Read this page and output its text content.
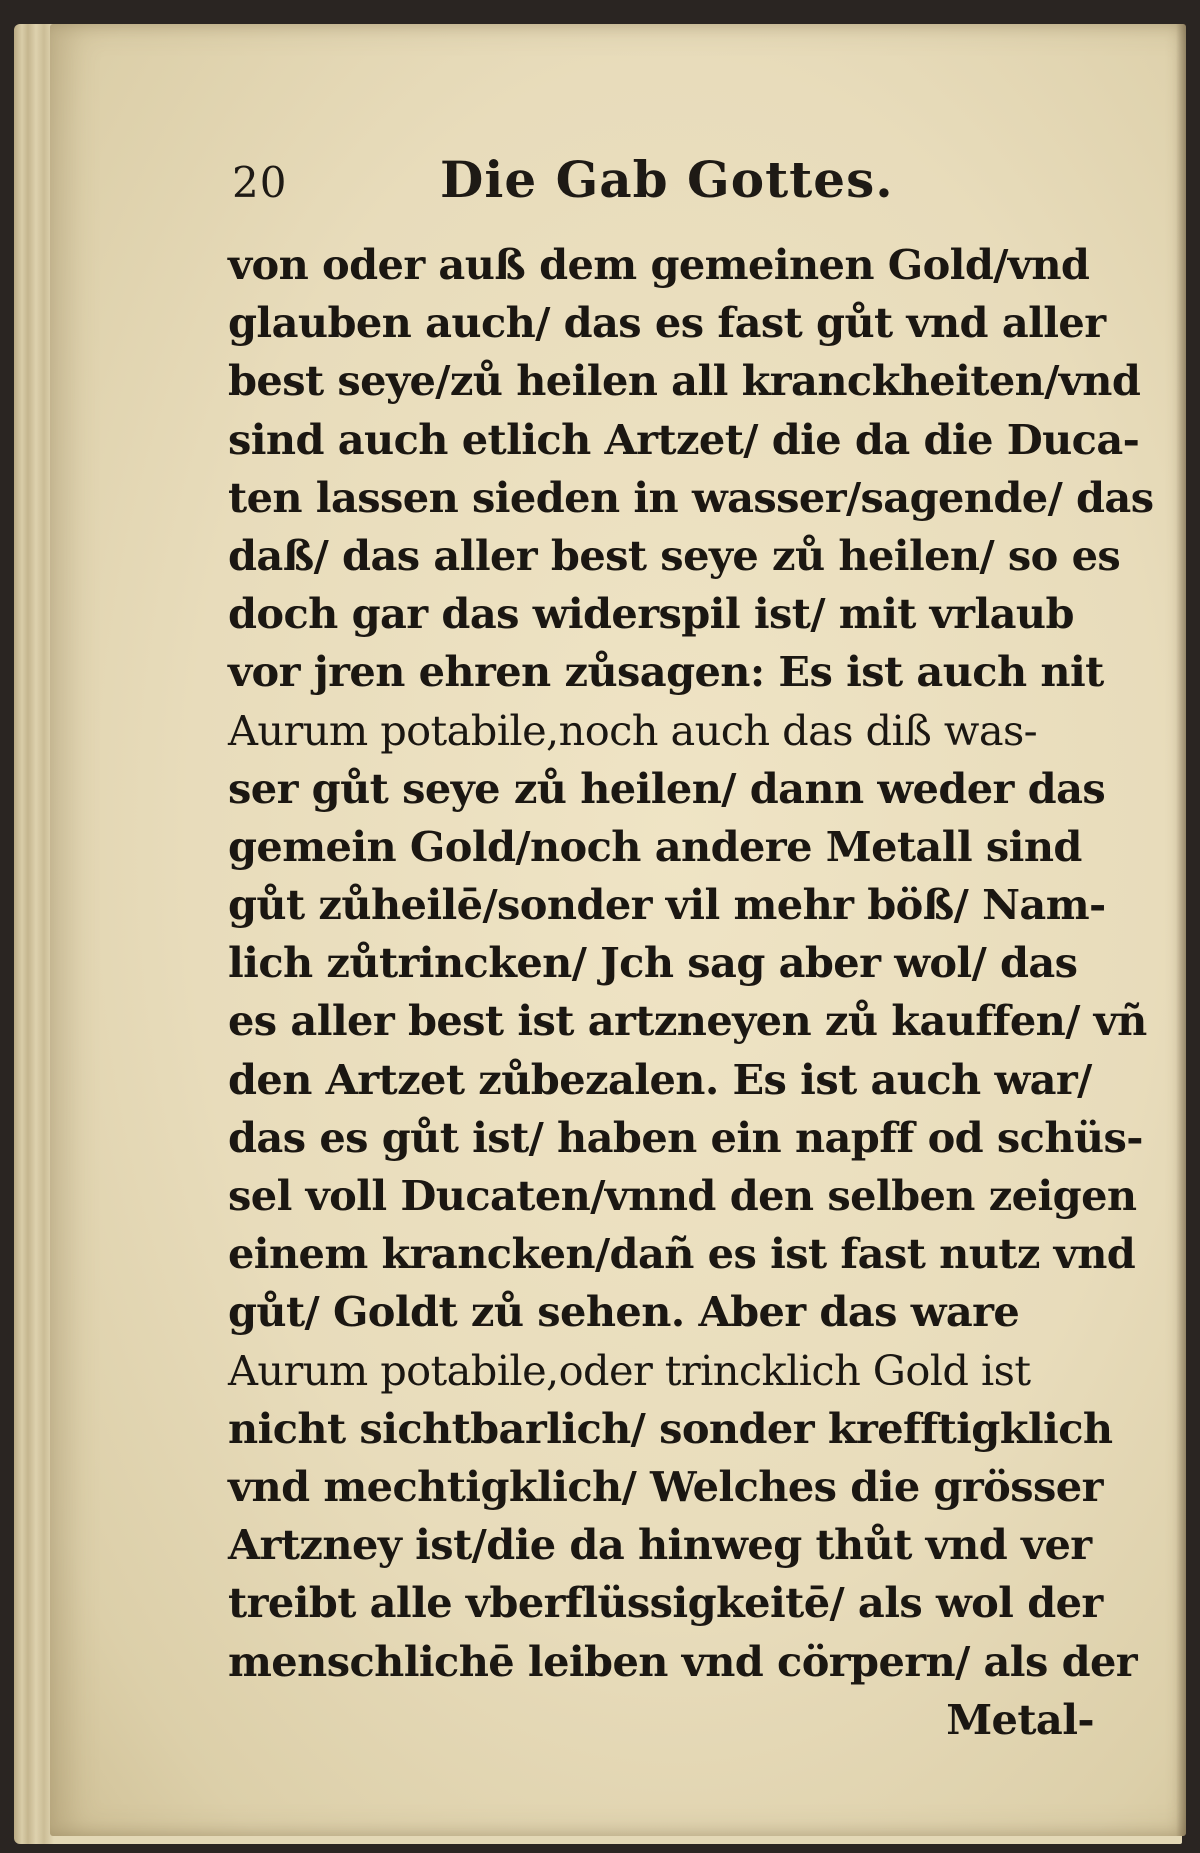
20	Die Gab Gottes.
von oder auß dem gemeinen Gold/vnd
glauben auch/ das es fast gůt vnd aller
best seye/zů heilen all kranckheiten/vnd
sind auch etlich Artzet/ die da die Duca-
ten lassen sieden in wasser/sagende/ das
daß/ das aller best seye zů heilen/ so es
doch gar das widerspil ist/ mit vrlaub
vor jren ehren zůsagen: Es ist auch nit
Aurum potabile,noch auch das diß was-
ser gůt seye zů heilen/ dann weder das
gemein Gold/noch andere Metall sind
gůt zůheilē/sonder vil mehr böß/ Nam-
lich zůtrincken/ Jch sag aber wol/ das
es aller best ist artzneyen zů kauffen/ vñ
den Artzet zůbezalen. Es ist auch war/
das es gůt ist/ haben ein napff od schüs-
sel voll Ducaten/vnnd den selben zeigen
einem krancken/dañ es ist fast nutz vnd
gůt/ Goldt zů sehen. Aber das ware
Aurum potabile,oder trincklich Gold ist
nicht sichtbarlich/ sonder krefftigklich
vnd mechtigklich/ Welches die grösser
Artzney ist/die da hinweg thůt vnd ver
treibt alle vberflüssigkeitē/ als wol der
menschlichē leiben vnd cörpern/ als der
Metal-
